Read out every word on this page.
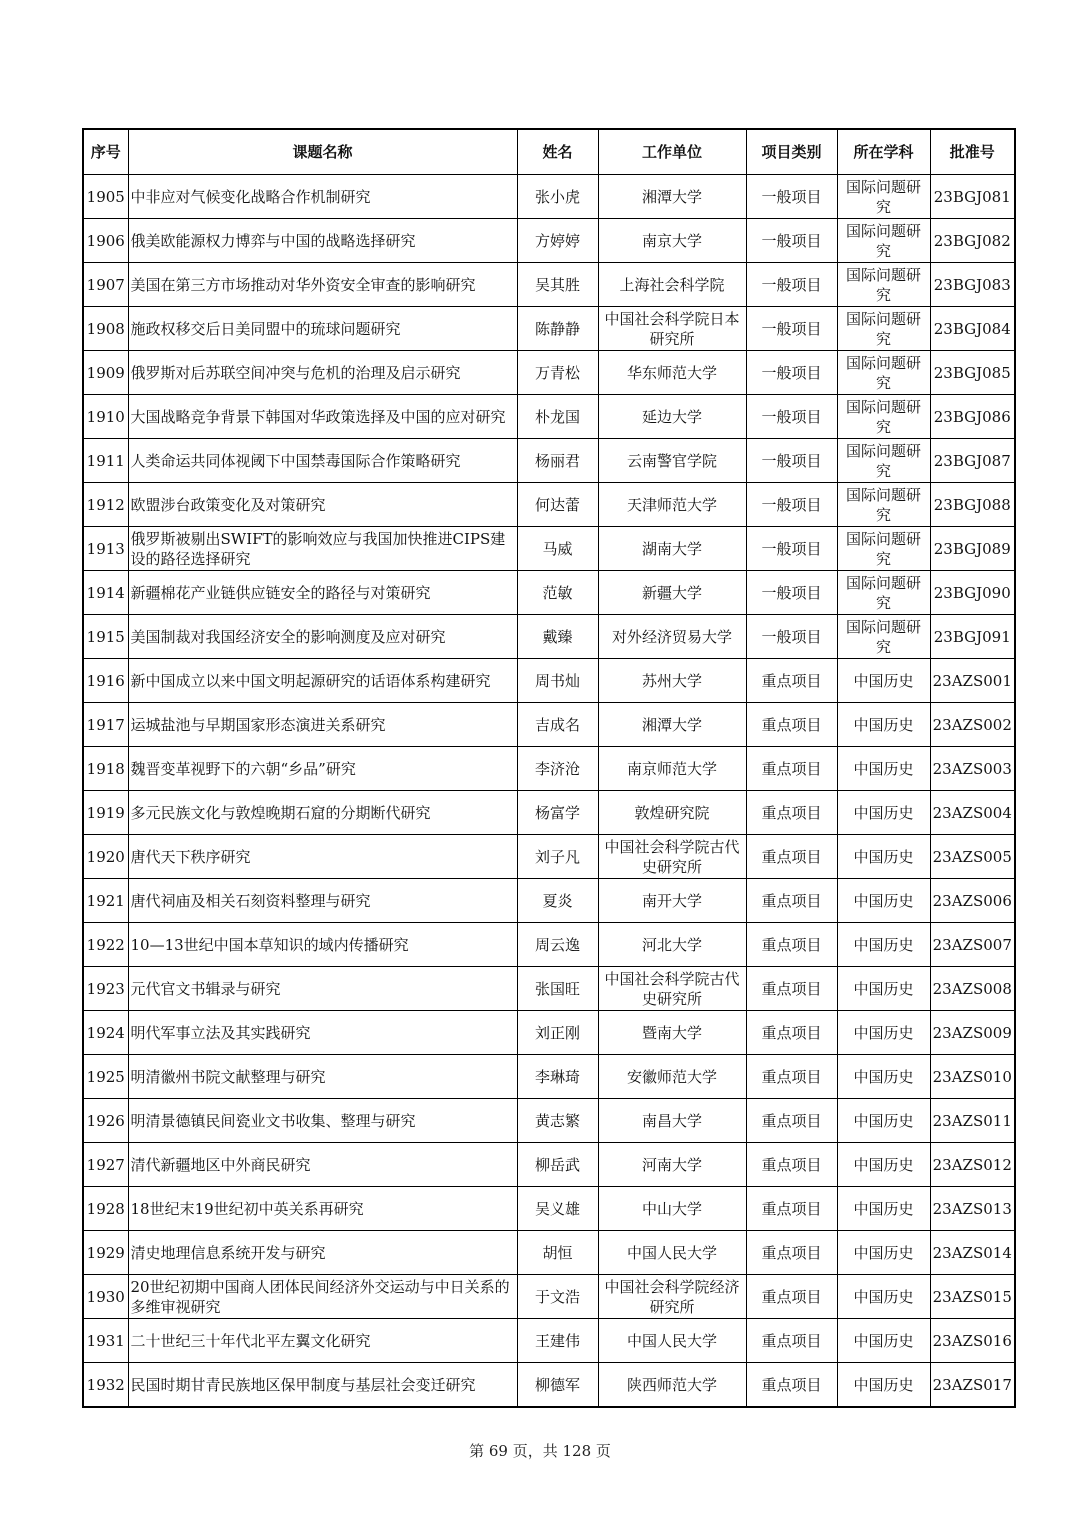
序号	课题名称	姓名	工作单位	项目类别	所在学科	批准号
1905	中非应对气候变化战略合作机制研究	张小虎	湘潭大学	一般项目	国际问题研究	23BGJ081
1906	俄美欧能源权力博弈与中国的战略选择研究	方婷婷	南京大学	一般项目	国际问题研究	23BGJ082
1907	美国在第三方市场推动对华外资安全审查的影响研究	吴其胜	上海社会科学院	一般项目	国际问题研究	23BGJ083
1908	施政权移交后日美同盟中的琉球问题研究	陈静静	中国社会科学院日本研究所	一般项目	国际问题研究	23BGJ084
1909	俄罗斯对后苏联空间冲突与危机的治理及启示研究	万青松	华东师范大学	一般项目	国际问题研究	23BGJ085
1910	大国战略竞争背景下韩国对华政策选择及中国的应对研究	朴龙国	延边大学	一般项目	国际问题研究	23BGJ086
1911	人类命运共同体视阈下中国禁毒国际合作策略研究	杨丽君	云南警官学院	一般项目	国际问题研究	23BGJ087
1912	欧盟涉台政策变化及对策研究	何达蕾	天津师范大学	一般项目	国际问题研究	23BGJ088
1913	俄罗斯被剔出SWIFT的影响效应与我国加快推进CIPS建设的路径选择研究	马威	湖南大学	一般项目	国际问题研究	23BGJ089
1914	新疆棉花产业链供应链安全的路径与对策研究	范敏	新疆大学	一般项目	国际问题研究	23BGJ090
1915	美国制裁对我国经济安全的影响测度及应对研究	戴臻	对外经济贸易大学	一般项目	国际问题研究	23BGJ091
1916	新中国成立以来中国文明起源研究的话语体系构建研究	周书灿	苏州大学	重点项目	中国历史	23AZS001
1917	运城盐池与早期国家形态演进关系研究	吉成名	湘潭大学	重点项目	中国历史	23AZS002
1918	魏晋变革视野下的六朝“乡品”研究	李济沧	南京师范大学	重点项目	中国历史	23AZS003
1919	多元民族文化与敦煌晚期石窟的分期断代研究	杨富学	敦煌研究院	重点项目	中国历史	23AZS004
1920	唐代天下秩序研究	刘子凡	中国社会科学院古代史研究所	重点项目	中国历史	23AZS005
1921	唐代祠庙及相关石刻资料整理与研究	夏炎	南开大学	重点项目	中国历史	23AZS006
1922	10—13世纪中国本草知识的域内传播研究	周云逸	河北大学	重点项目	中国历史	23AZS007
1923	元代官文书辑录与研究	张国旺	中国社会科学院古代史研究所	重点项目	中国历史	23AZS008
1924	明代军事立法及其实践研究	刘正刚	暨南大学	重点项目	中国历史	23AZS009
1925	明清徽州书院文献整理与研究	李琳琦	安徽师范大学	重点项目	中国历史	23AZS010
1926	明清景德镇民间瓷业文书收集、整理与研究	黄志繁	南昌大学	重点项目	中国历史	23AZS011
1927	清代新疆地区中外商民研究	柳岳武	河南大学	重点项目	中国历史	23AZS012
1928	18世纪末19世纪初中英关系再研究	吴义雄	中山大学	重点项目	中国历史	23AZS013
1929	清史地理信息系统开发与研究	胡恒	中国人民大学	重点项目	中国历史	23AZS014
1930	20世纪初期中国商人团体民间经济外交运动与中日关系的多维审视研究	于文浩	中国社会科学院经济研究所	重点项目	中国历史	23AZS015
1931	二十世纪三十年代北平左翼文化研究	王建伟	中国人民大学	重点项目	中国历史	23AZS016
1932	民国时期甘青民族地区保甲制度与基层社会变迁研究	柳德军	陕西师范大学	重点项目	中国历史	23AZS017
第 69 页，共 128 页
